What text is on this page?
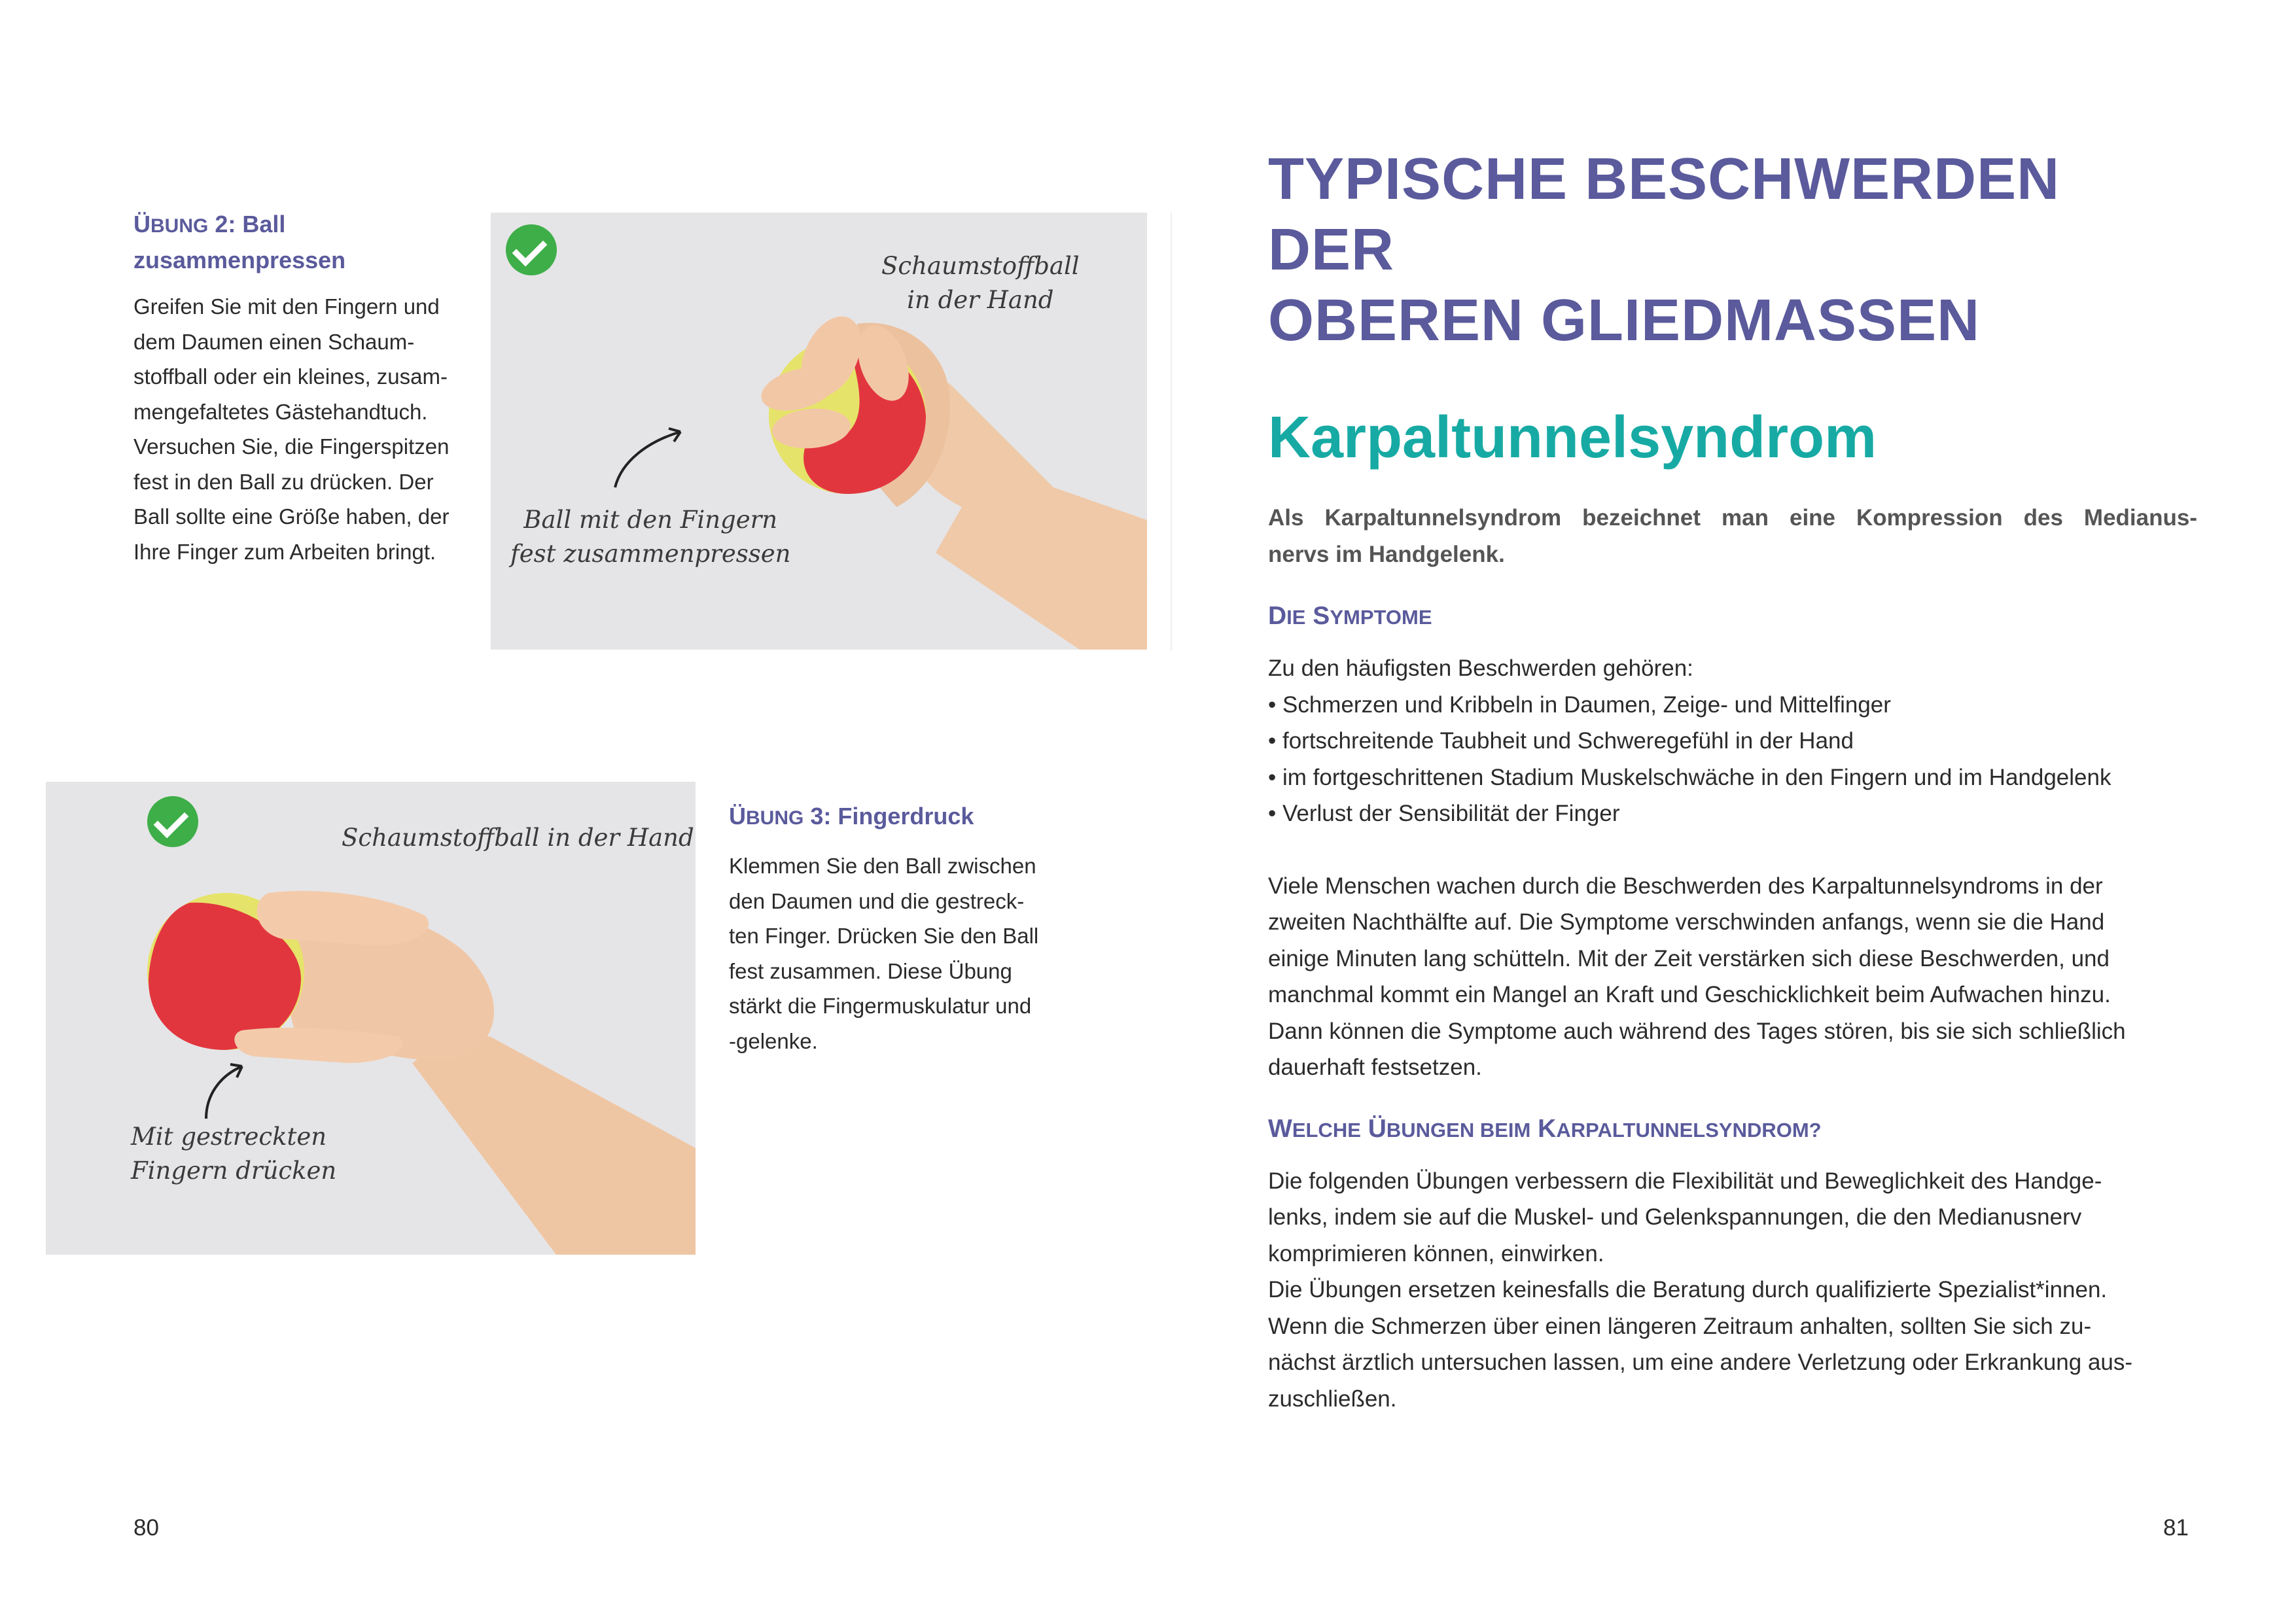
ÜBUNG 2: Ball
zusammenpressen
Greifen Sie mit den Fingern und
dem Daumen einen Schaum-
stoffball oder ein kleines, zusam-
mengefaltetes Gästehandtuch.
Versuchen Sie, die Fingerspitzen
fest in den Ball zu drücken. Der
Ball sollte eine Größe haben, der
Ihre Finger zum Arbeiten bringt.
Schaumstoffball
in der Hand
Ball mit den Fingern
fest zusammenpressen
Schaumstoffball in der Hand
Mit gestreckten
Fingern drücken
ÜBUNG 3: Fingerdruck
Klemmen Sie den Ball zwischen
den Daumen und die gestreck-
ten Finger. Drücken Sie den Ball
fest zusammen. Diese Übung
stärkt die Fingermuskulatur und
-gelenke.
80
TYPISCHE BESCHWERDEN DER
OBEREN GLIEDMASSEN
Karpaltunnelsyndrom
Als Karpaltunnelsyndrom bezeichnet man eine Kompression des Medianus-
nervs im Handgelenk.
DIE SYMPTOME
Zu den häufigsten Beschwerden gehören:
• Schmerzen und Kribbeln in Daumen, Zeige- und Mittelfinger
• fortschreitende Taubheit und Schweregefühl in der Hand
• im fortgeschrittenen Stadium Muskelschwäche in den Fingern und im Handgelenk
• Verlust der Sensibilität der Finger
Viele Menschen wachen durch die Beschwerden des Karpaltunnelsyndroms in der
zweiten Nachthälfte auf. Die Symptome verschwinden anfangs, wenn sie die Hand
einige Minuten lang schütteln. Mit der Zeit verstärken sich diese Beschwerden, und
manchmal kommt ein Mangel an Kraft und Geschicklichkeit beim Aufwachen hinzu.
Dann können die Symptome auch während des Tages stören, bis sie sich schließlich
dauerhaft festsetzen.
WELCHE ÜBUNGEN BEIM KARPALTUNNELSYNDROM?
Die folgenden Übungen verbessern die Flexibilität und Beweglichkeit des Handge-
lenks, indem sie auf die Muskel- und Gelenkspannungen, die den Medianusnerv
komprimieren können, einwirken.
Die Übungen ersetzen keinesfalls die Beratung durch qualifizierte Spezialist*innen.
Wenn die Schmerzen über einen längeren Zeitraum anhalten, sollten Sie sich zu-
nächst ärztlich untersuchen lassen, um eine andere Verletzung oder Erkrankung aus-
zuschließen.
81
